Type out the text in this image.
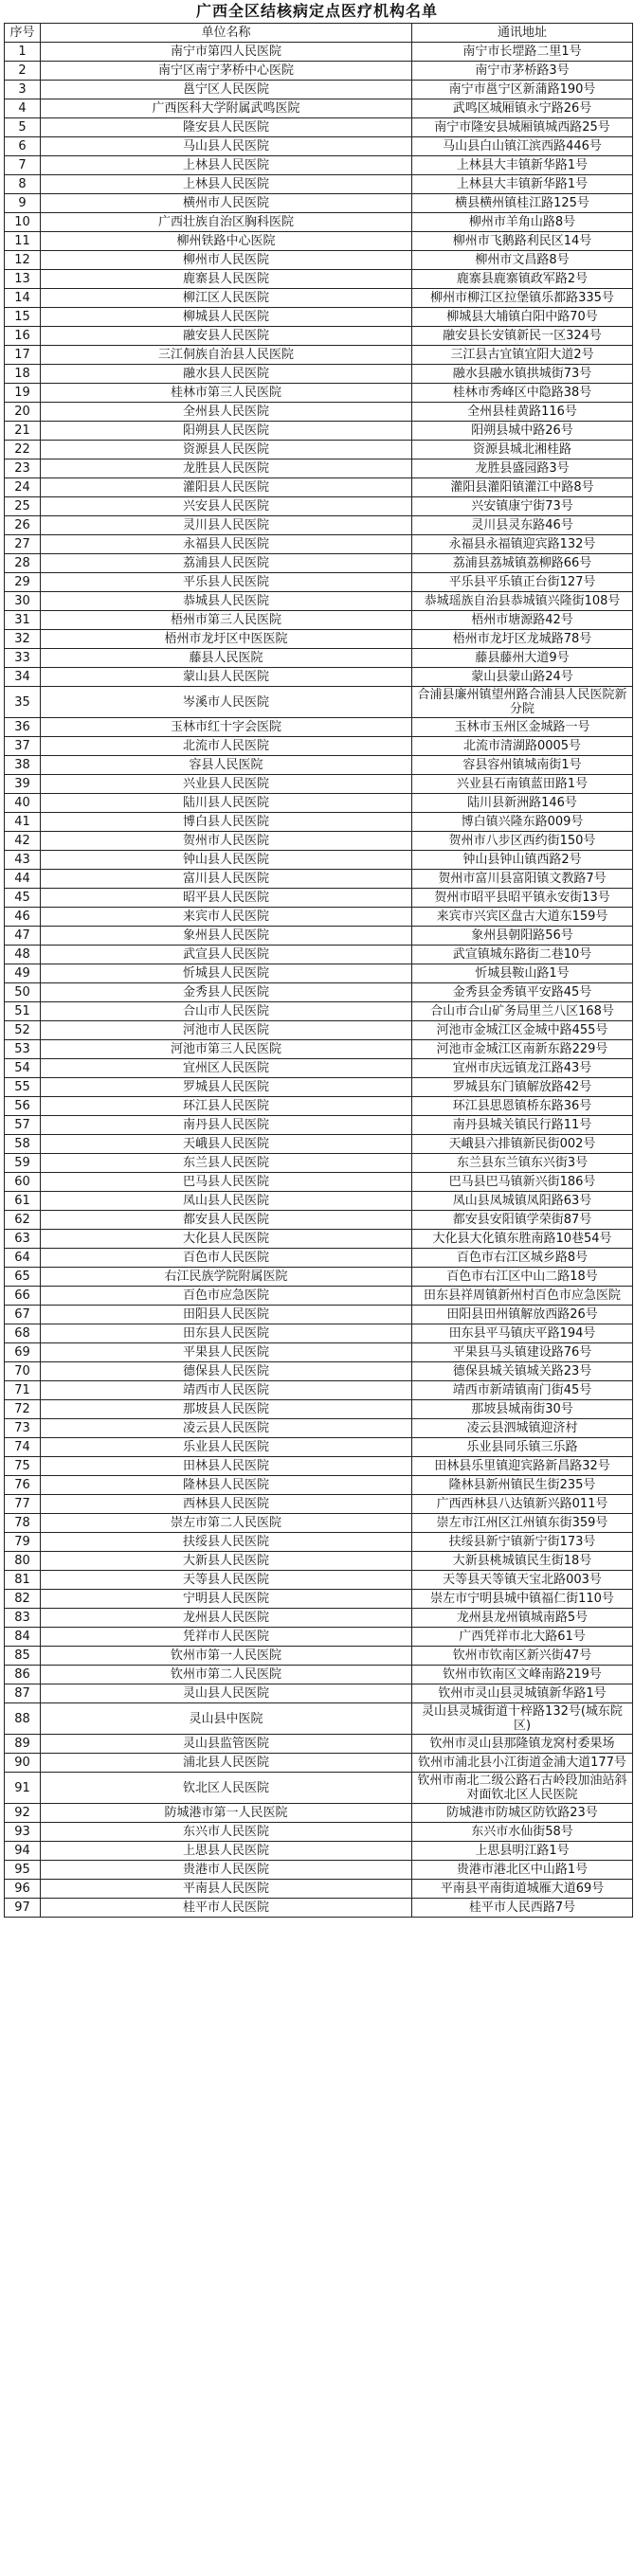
广西全区结核病定点医疗机构名单
序号	单位名称	通讯地址
1	南宁市第四人民医院	南宁市长堽路二里1号
2	南宁区南宁茅桥中心医院	南宁市茅桥路3号
3	邕宁区人民医院	南宁市邕宁区新蒲路190号
4	广西医科大学附属武鸣医院	武鸣区城厢镇永宁路26号
5	隆安县人民医院	南宁市隆安县城厢镇城西路25号
6	马山县人民医院	马山县白山镇江滨西路446号
7	上林县人民医院	上林县大丰镇新华路1号
8	上林县人民医院	上林县大丰镇新华路1号
9	横州市人民医院	横县横州镇桂江路125号
10	广西壮族自治区胸科医院	柳州市羊角山路8号
11	柳州铁路中心医院	柳州市飞鹅路利民区14号
12	柳州市人民医院	柳州市文昌路8号
13	鹿寨县人民医院	鹿寨县鹿寨镇政军路2号
14	柳江区人民医院	柳州市柳江区拉堡镇乐都路335号
15	柳城县人民医院	柳城县大埔镇白阳中路70号
16	融安县人民医院	融安县长安镇新民一区324号
17	三江侗族自治县人民医院	三江县古宜镇宜阳大道2号
18	融水县人民医院	融水县融水镇拱城街73号
19	桂林市第三人民医院	桂林市秀峰区中隐路38号
20	全州县人民医院	全州县桂黄路116号
21	阳朔县人民医院	阳朔县城中路26号
22	资源县人民医院	资源县城北湘桂路
23	龙胜县人民医院	龙胜县盛园路3号
24	灌阳县人民医院	灌阳县灌阳镇灌江中路8号
25	兴安县人民医院	兴安镇康宁街73号
26	灵川县人民医院	灵川县灵东路46号
27	永福县人民医院	永福县永福镇迎宾路132号
28	荔浦县人民医院	荔浦县荔城镇荔柳路66号
29	平乐县人民医院	平乐县平乐镇正台街127号
30	恭城县人民医院	恭城瑶族自治县恭城镇兴隆街108号
31	梧州市第三人民医院	梧州市塘源路42号
32	梧州市龙圩区中医医院	梧州市龙圩区龙城路78号
33	藤县人民医院	藤县藤州大道9号
34	蒙山县人民医院	蒙山县蒙山路24号
35	岑溪市人民医院	合浦县廉州镇望州路合浦县人民医院新分院
36	玉林市红十字会医院	玉林市玉州区金城路一号
37	北流市人民医院	北流市清湖路0005号
38	容县人民医院	容县容州镇城南街1号
39	兴业县人民医院	兴业县石南镇蓝田路1号
40	陆川县人民医院	陆川县新洲路146号
41	博白县人民医院	博白镇兴隆东路009号
42	贺州市人民医院	贺州市八步区西约街150号
43	钟山县人民医院	钟山县钟山镇西路2号
44	富川县人民医院	贺州市富川县富阳镇文教路7号
45	昭平县人民医院	贺州市昭平县昭平镇永安街13号
46	来宾市人民医院	来宾市兴宾区盘古大道东159号
47	象州县人民医院	象州县朝阳路56号
48	武宣县人民医院	武宣镇城东路街二巷10号
49	忻城县人民医院	忻城县鞍山路1号
50	金秀县人民医院	金秀县金秀镇平安路45号
51	合山市人民医院	合山市合山矿务局里兰八区168号
52	河池市人民医院	河池市金城江区金城中路455号
53	河池市第三人民医院	河池市金城江区南新东路229号
54	宜州区人民医院	宜州市庆远镇龙江路43号
55	罗城县人民医院	罗城县东门镇解放路42号
56	环江县人民医院	环江县思恩镇桥东路36号
57	南丹县人民医院	南丹县城关镇民行路11号
58	天峨县人民医院	天峨县六排镇新民街002号
59	东兰县人民医院	东兰县东兰镇东兴街3号
60	巴马县人民医院	巴马县巴马镇新兴街186号
61	凤山县人民医院	凤山县凤城镇凤阳路63号
62	都安县人民医院	都安县安阳镇学荣街87号
63	大化县人民医院	大化县大化镇东胜南路10巷54号
64	百色市人民医院	百色市右江区城乡路8号
65	右江民族学院附属医院	百色市右江区中山二路18号
66	百色市应急医院	田东县祥周镇新州村百色市应急医院
67	田阳县人民医院	田阳县田州镇解放西路26号
68	田东县人民医院	田东县平马镇庆平路194号
69	平果县人民医院	平果县马头镇建设路76号
70	德保县人民医院	德保县城关镇城关路23号
71	靖西市人民医院	靖西市新靖镇南门街45号
72	那坡县人民医院	那坡县城南街30号
73	凌云县人民医院	凌云县泗城镇迎济村
74	乐业县人民医院	乐业县同乐镇三乐路
75	田林县人民医院	田林县乐里镇迎宾路新昌路32号
76	隆林县人民医院	隆林县新州镇民生街235号
77	西林县人民医院	广西西林县八达镇新兴路011号
78	崇左市第二人民医院	崇左市江州区江州镇东街359号
79	扶绥县人民医院	扶绥县新宁镇新宁街173号
80	大新县人民医院	大新县桃城镇民生街18号
81	天等县人民医院	天等县天等镇天宝北路003号
82	宁明县人民医院	崇左市宁明县城中镇福仁街110号
83	龙州县人民医院	龙州县龙州镇城南路5号
84	凭祥市人民医院	广西凭祥市北大路61号
85	钦州市第一人民医院	钦州市钦南区新兴街47号
86	钦州市第二人民医院	钦州市钦南区文峰南路219号
87	灵山县人民医院	钦州市灵山县灵城镇新华路1号
88	灵山县中医院	灵山县灵城街道十梓路132号(城东院区)
89	灵山县监管医院	钦州市灵山县那隆镇龙窝村委果场
90	浦北县人民医院	钦州市浦北县小江街道金浦大道177号
91	钦北区人民医院	钦州市南北二级公路石古岭段加油站斜对面钦北区人民医院
92	防城港市第一人民医院	防城港市防城区防钦路23号
93	东兴市人民医院	东兴市水仙街58号
94	上思县人民医院	上思县明江路1号
95	贵港市人民医院	贵港市港北区中山路1号
96	平南县人民医院	平南县平南街道城雁大道69号
97	桂平市人民医院	桂平市人民西路7号
